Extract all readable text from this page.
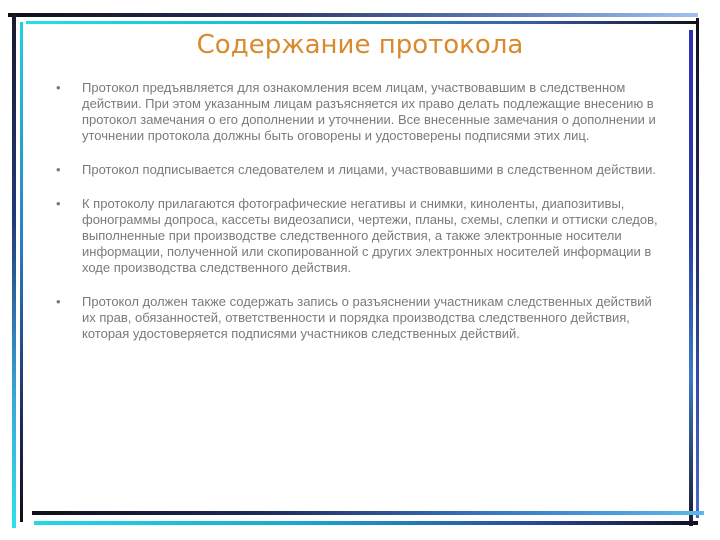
Содержание протокола
• Протокол предъявляется для ознакомления всем лицам, участвовавшим в следственном действии. При этом указанным лицам разъясняется их право делать подлежащие внесению в протокол замечания о его дополнении и уточнении. Все внесенные замечания о дополнении и уточнении протокола должны быть оговорены и удостоверены подписями этих лиц.
• Протокол подписывается следователем и лицами, участвовавшими в следственном действии.
• К протоколу прилагаются фотографические негативы и снимки, киноленты, диапозитивы, фонограммы допроса, кассеты видеозаписи, чертежи, планы, схемы, слепки и оттиски следов, выполненные при производстве следственного действия, а также электронные носители информации, полученной или скопированной с других электронных носителей информации в ходе производства следственного действия.
• Протокол должен также содержать запись о разъяснении участникам следственных действий их прав, обязанностей, ответственности и порядка производства следственного действия, которая удостоверяется подписями участников следственных действий.
